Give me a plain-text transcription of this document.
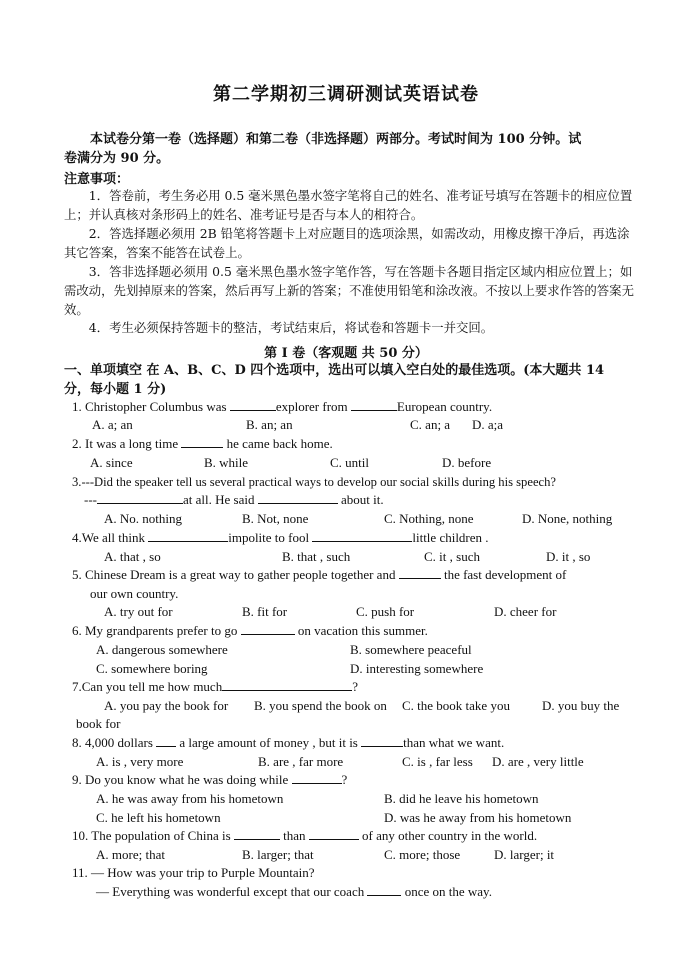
第二学期初三调研测试英语试卷
本试卷分第一卷（选择题）和第二卷（非选择题）两部分。考试时间为 100 分钟。试
卷满分为 90 分。
注意事项：
1．答卷前，考生务必用 0.5 毫米黑色墨水签字笔将自己的姓名、准考证号填写在答题卡的相应位置上；并认真核对条形码上的姓名、准考证号是否与本人的相符合。
2．答选择题必须用 2B 铅笔将答题卡上对应题目的选项涂黑，如需改动，用橡皮擦干净后，再选涂其它答案，答案不能答在试卷上。
3．答非选择题必须用 0.5 毫米黑色墨水签字笔作答，写在答题卡各题目指定区域内相应位置上；如需改动，先划掉原来的答案，然后再写上新的答案；不准使用铅笔和涂改液。不按以上要求作答的答案无效。
4．考生必须保持答题卡的整洁，考试结束后，将试卷和答题卡一并交回。
第 I 卷（客观题 共 50 分）
一、单项填空 在 A、B、C、D 四个选项中，选出可以填入空白处的最佳选项。(本大题共 14 分，每小题 1 分)
1. Christopher Columbus was	explorer from	European country.
A. a; an	B. an; an	C. an; a D. a;a
2. It was a long time	he came back home.
A. since	B. while	C. until	D. before
3.---Did the speaker tell us several practical ways to develop our social skills during his speech?
---	at all. He said	about it.
A. No. nothing	B. Not, none	C. Nothing, none	D. None, nothing
4.We all think	impolite to fool	little children .
A. that , so	B. that , such	C. it , such	D. it , so
5. Chinese Dream is a great way to gather people together and	the fast development of
our own country.
A. try out for	B. fit for	C. push for	D. cheer for
6. My grandparents prefer to go	on vacation this summer.
A. dangerous somewhere	B. somewhere peaceful
C. somewhere boring	D. interesting somewhere
7.Can you tell me how much	?
A. you pay the book for B. you spend the book on C. the book take you D. you buy the
book for
8. 4,000 dollars  a large amount of money , but it is	than what we want.
A. is , very more	B. are , far more	C. is , far less D. are , very little
9. Do you know what he was doing while	?
A. he was away from his hometown	B. did he leave his hometown
C. he left his hometown	D. was he away from his hometown
10. The population of China is	than	of any other country in the world.
A. more; that	B. larger; that	C. more; those	D. larger; it
11. — How was your trip to Purple Mountain?
— Everything was wonderful except that our coach	once on the way.
